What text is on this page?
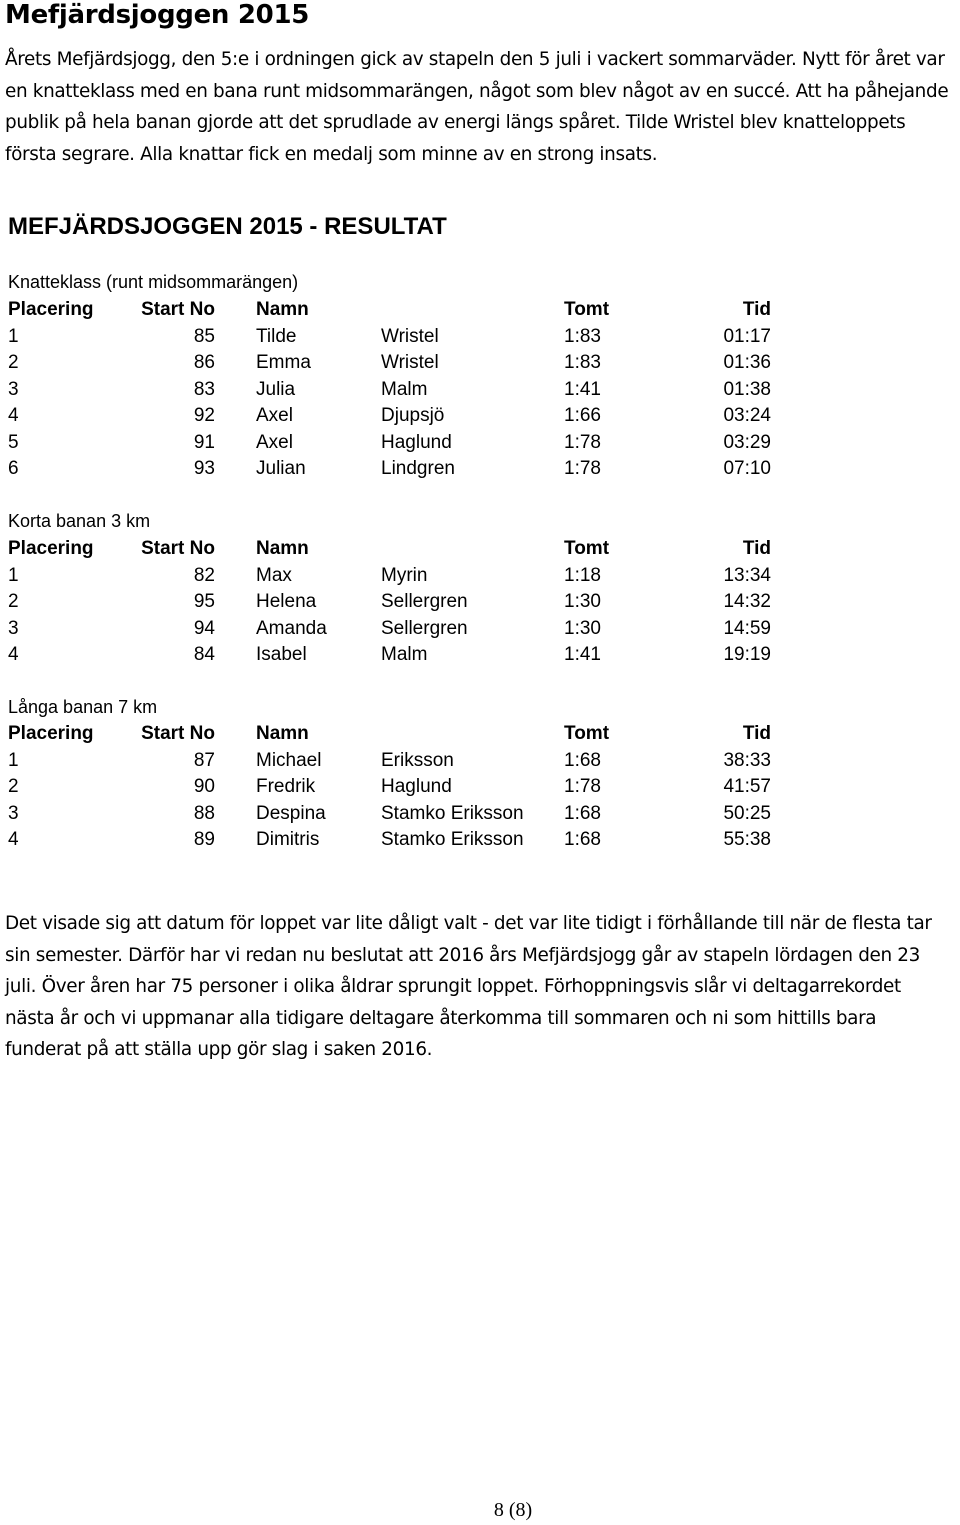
Mefjärdsjoggen 2015

Årets Mefjärdsjogg, den 5:e i ordningen gick av stapeln den 5 juli i vackert sommarväder. Nytt för året var en knatteklass med en bana runt midsommarängen, något som blev något av en succé. Att ha påhejande publik på hela banan gjorde att det sprudlade av energi längs spåret. Tilde Wristel blev knatteloppets första segrare. Alla knattar fick en medalj som minne av en strong insats.

MEFJÄRDSJOGGEN 2015 - RESULTAT
Knatteklass (runt midsommarängen)
Placering	Start No	Namn		Tomt	Tid
1	85	Tilde	Wristel	1:83	01:17
2	86	Emma	Wristel	1:83	01:36
3	83	Julia	Malm	1:41	01:38
4	92	Axel	Djupsjö	1:66	03:24
5	91	Axel	Haglund	1:78	03:29
6	93	Julian	Lindgren	1:78	07:10
Korta banan 3 km
Placering	Start No	Namn		Tomt	Tid
1	82	Max	Myrin	1:18	13:34
2	95	Helena	Sellergren	1:30	14:32
3	94	Amanda	Sellergren	1:30	14:59
4	84	Isabel	Malm	1:41	19:19
Långa banan 7 km
Placering	Start No	Namn		Tomt	Tid
1	87	Michael	Eriksson	1:68	38:33
2	90	Fredrik	Haglund	1:78	41:57
3	88	Despina	Stamko Eriksson	1:68	50:25
4	89	Dimitris	Stamko Eriksson	1:68	55:38

Det visade sig att datum för loppet var lite dåligt valt - det var lite tidigt i förhållande till när de flesta tar sin semester. Därför har vi redan nu beslutat att 2016 års Mefjärdsjogg går av stapeln lördagen den 23 juli. Över åren har 75 personer i olika åldrar sprungit loppet. Förhoppningsvis slår vi deltagarrekordet nästa år och vi uppmanar alla tidigare deltagare återkomma till sommaren och ni som hittills bara funderat på att ställa upp gör slag i saken 2016.

8 (8)
